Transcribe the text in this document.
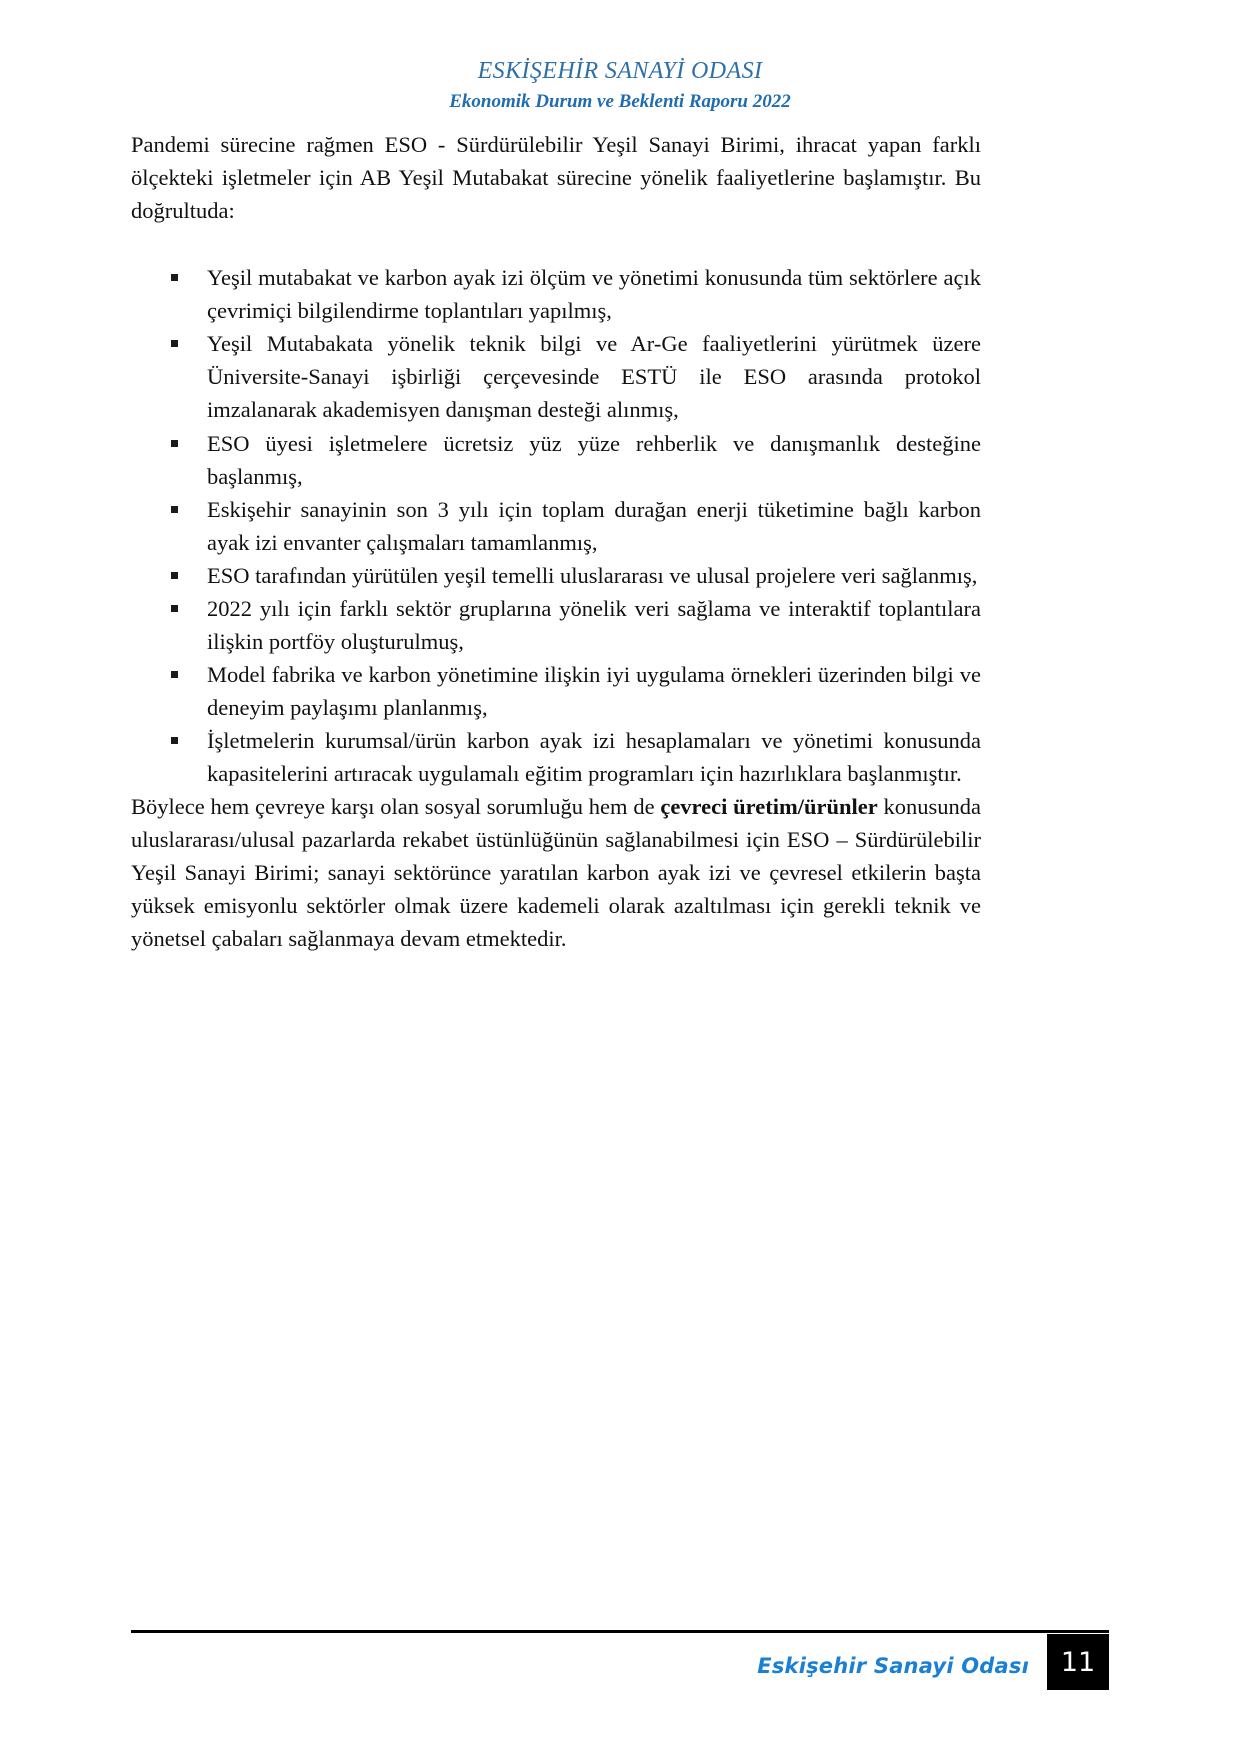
ESKİŞEHİR SANAYİ ODASI
Ekonomik Durum ve Beklenti Raporu 2022

Pandemi sürecine rağmen ESO - Sürdürülebilir Yeşil Sanayi Birimi, ihracat yapan farklı ölçekteki işletmeler için AB Yeşil Mutabakat sürecine yönelik faaliyetlerine başlamıştır. Bu doğrultuda:

Yeşil mutabakat ve karbon ayak izi ölçüm ve yönetimi konusunda tüm sektörlere açık çevrimiçi bilgilendirme toplantıları yapılmış,
Yeşil Mutabakata yönelik teknik bilgi ve Ar-Ge faaliyetlerini yürütmek üzere Üniversite-Sanayi işbirliği çerçevesinde ESTÜ ile ESO arasında protokol imzalanarak akademisyen danışman desteği alınmış,
ESO üyesi işletmelere ücretsiz yüz yüze rehberlik ve danışmanlık desteğine başlanmış,
Eskişehir sanayinin son 3 yılı için toplam durağan enerji tüketimine bağlı karbon ayak izi envanter çalışmaları tamamlanmış,
ESO tarafından yürütülen yeşil temelli uluslararası ve ulusal projelere veri sağlanmış,
2022 yılı için farklı sektör gruplarına yönelik veri sağlama ve interaktif toplantılara ilişkin portföy oluşturulmuş,
Model fabrika ve karbon yönetimine ilişkin iyi uygulama örnekleri üzerinden bilgi ve deneyim paylaşımı planlanmış,
İşletmelerin kurumsal/ürün karbon ayak izi hesaplamaları ve yönetimi konusunda kapasitelerini artıracak uygulamalı eğitim programları için hazırlıklara başlanmıştır.

Böylece hem çevreye karşı olan sosyal sorumluğu hem de çevreci üretim/ürünler konusunda uluslararası/ulusal pazarlarda rekabet üstünlüğünün sağlanabilmesi için ESO – Sürdürülebilir Yeşil Sanayi Birimi; sanayi sektörünce yaratılan karbon ayak izi ve çevresel etkilerin başta yüksek emisyonlu sektörler olmak üzere kademeli olarak azaltılması için gerekli teknik ve yönetsel çabaları sağlanmaya devam etmektedir.

Eskişehir Sanayi Odası	11
